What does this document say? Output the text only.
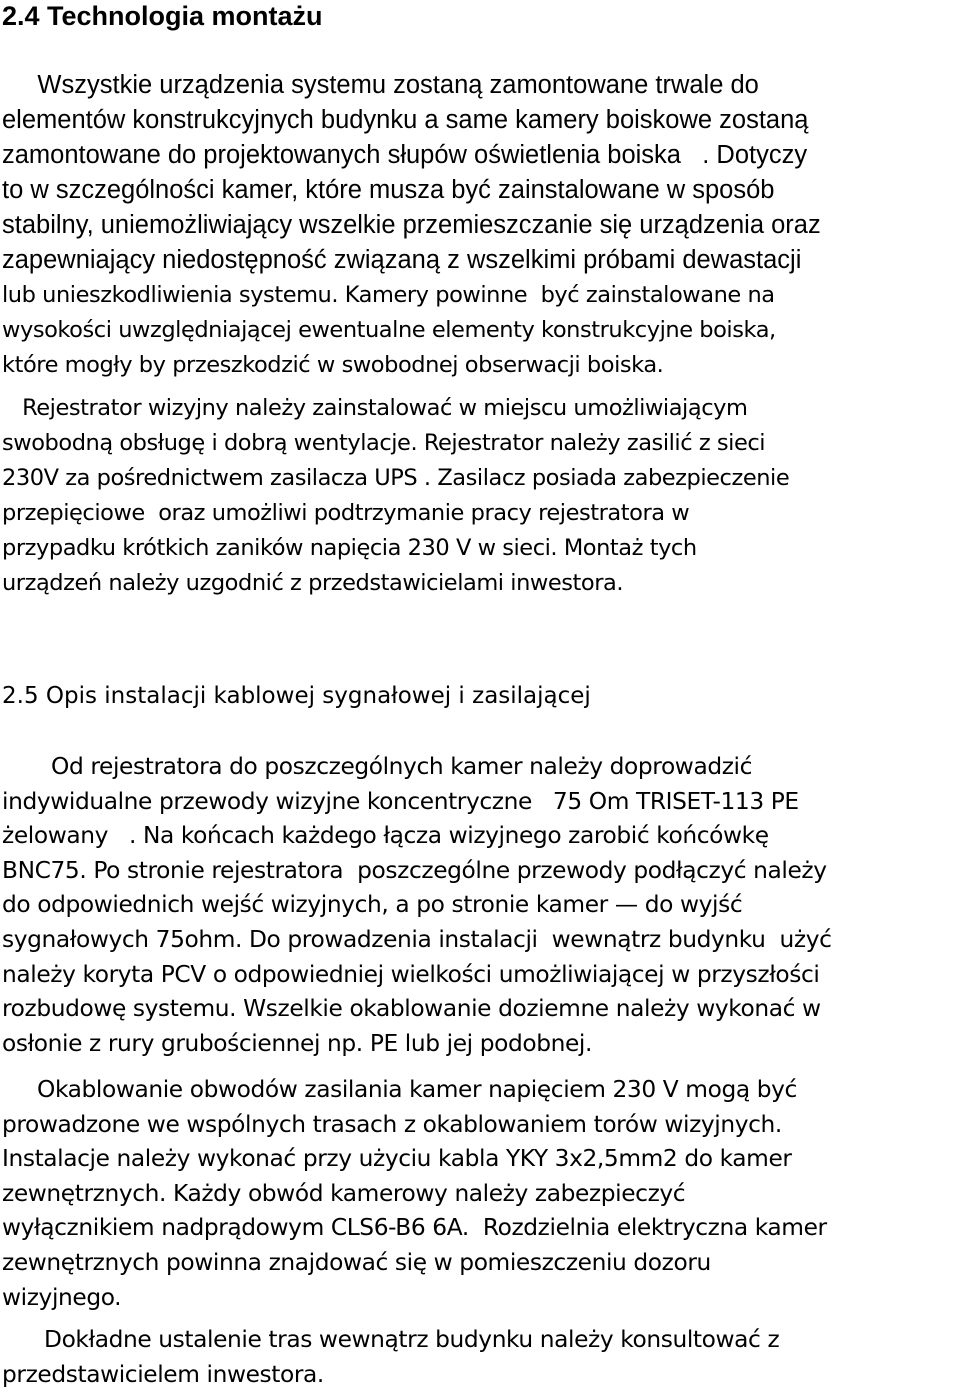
2.4 Technologia montażu
Wszystkie urządzenia systemu zostaną zamontowane trwale do
elementów konstrukcyjnych budynku a same kamery boiskowe zostaną
zamontowane do projektowanych słupów oświetlenia boiska   . Dotyczy
to w szczególności kamer, które musza być zainstalowane w sposób
stabilny, uniemożliwiający wszelkie przemieszczanie się urządzenia oraz
zapewniający niedostępność związaną z wszelkimi próbami dewastacji
lub unieszkodliwienia systemu. Kamery powinne  być zainstalowane na
wysokości uwzględniającej ewentualne elementy konstrukcyjne boiska,
które mogły by przeszkodzić w swobodnej obserwacji boiska.
Rejestrator wizyjny należy zainstalować w miejscu umożliwiającym
swobodną obsługę i dobrą wentylacje. Rejestrator należy zasilić z sieci
230V za pośrednictwem zasilacza UPS . Zasilacz posiada zabezpieczenie
przepięciowe  oraz umożliwi podtrzymanie pracy rejestratora w
przypadku krótkich zaników napięcia 230 V w sieci. Montaż tych
urządzeń należy uzgodnić z przedstawicielami inwestora.
2.5 Opis instalacji kablowej sygnałowej i zasilającej
Od rejestratora do poszczególnych kamer należy doprowadzić
indywidualne przewody wizyjne koncentryczne   75 Om TRISET-113 PE
żelowany   . Na końcach każdego łącza wizyjnego zarobić końcówkę
BNC75. Po stronie rejestratora  poszczególne przewody podłączyć należy
do odpowiednich wejść wizyjnych, a po stronie kamer — do wyjść
sygnałowych 75ohm. Do prowadzenia instalacji  wewnątrz budynku  użyć
należy koryta PCV o odpowiedniej wielkości umożliwiającej w przyszłości
rozbudowę systemu. Wszelkie okablowanie doziemne należy wykonać w
osłonie z rury grubościennej np. PE lub jej podobnej.
Okablowanie obwodów zasilania kamer napięciem 230 V mogą być
prowadzone we wspólnych trasach z okablowaniem torów wizyjnych.
Instalacje należy wykonać przy użyciu kabla YKY 3x2,5mm2 do kamer
zewnętrznych. Każdy obwód kamerowy należy zabezpieczyć
wyłącznikiem nadprądowym CLS6-B6 6A.  Rozdzielnia elektryczna kamer
zewnętrznych powinna znajdować się w pomieszczeniu dozoru
wizyjnego.
Dokładne ustalenie tras wewnątrz budynku należy konsultować z
przedstawicielem inwestora.
